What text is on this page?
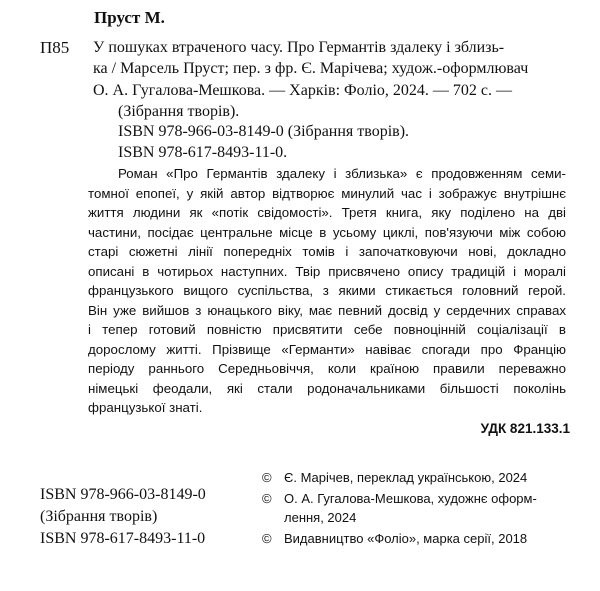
Пруст М.
П85 У пошуках втраченого часу. Про Германтів здалеку і зблизь-
ка / Марсель Пруст; пер. з фр. Є. Марічева; худож.-оформлювач
О. А. Гугалова-Мешкова. — Харків: Фоліо, 2024. — 702 с. —
(Зібрання творів).
ISBN 978-966-03-8149-0 (Зібрання творів).
ISBN 978-617-8493-11-0.
Роман «Про Германтів здалеку і зблизька» є продовженням семи-
томної епопеї, у якій автор відтворює минулий час і зображує внутрішнє
життя людини як «потік свідомості». Третя книга, яку поділено на дві
частини, посідає центральне місце в усьому циклі, пов'язуючи між собою
старі сюжетні лінії попередніх томів і започатковуючи нові, докладно
описані в чотирьох наступних. Твір присвячено опису традицій і моралі
французького вищого суспільства, з якими стикається головний герой.
Він уже вийшов з юнацького віку, має певний досвід у сердечних справах
і тепер готовий повністю присвятити себе повноцінній соціалізації в
дорослому житті. Прізвище «Германти» навіває спогади про Францію
періоду раннього Середньовіччя, коли країною правили переважно
німецькі феодали, які стали родоначальниками більшості поколінь
французької знаті.
УДК 821.133.1
ISBN 978-966-03-8149-0
(Зібрання творів)
ISBN 978-617-8493-11-0
© Є. Марічев, переклад українською, 2024
© О. А. Гугалова-Мешкова, художнє оформ-
лення, 2024
© Видавництво «Фоліо», марка серії, 2018
